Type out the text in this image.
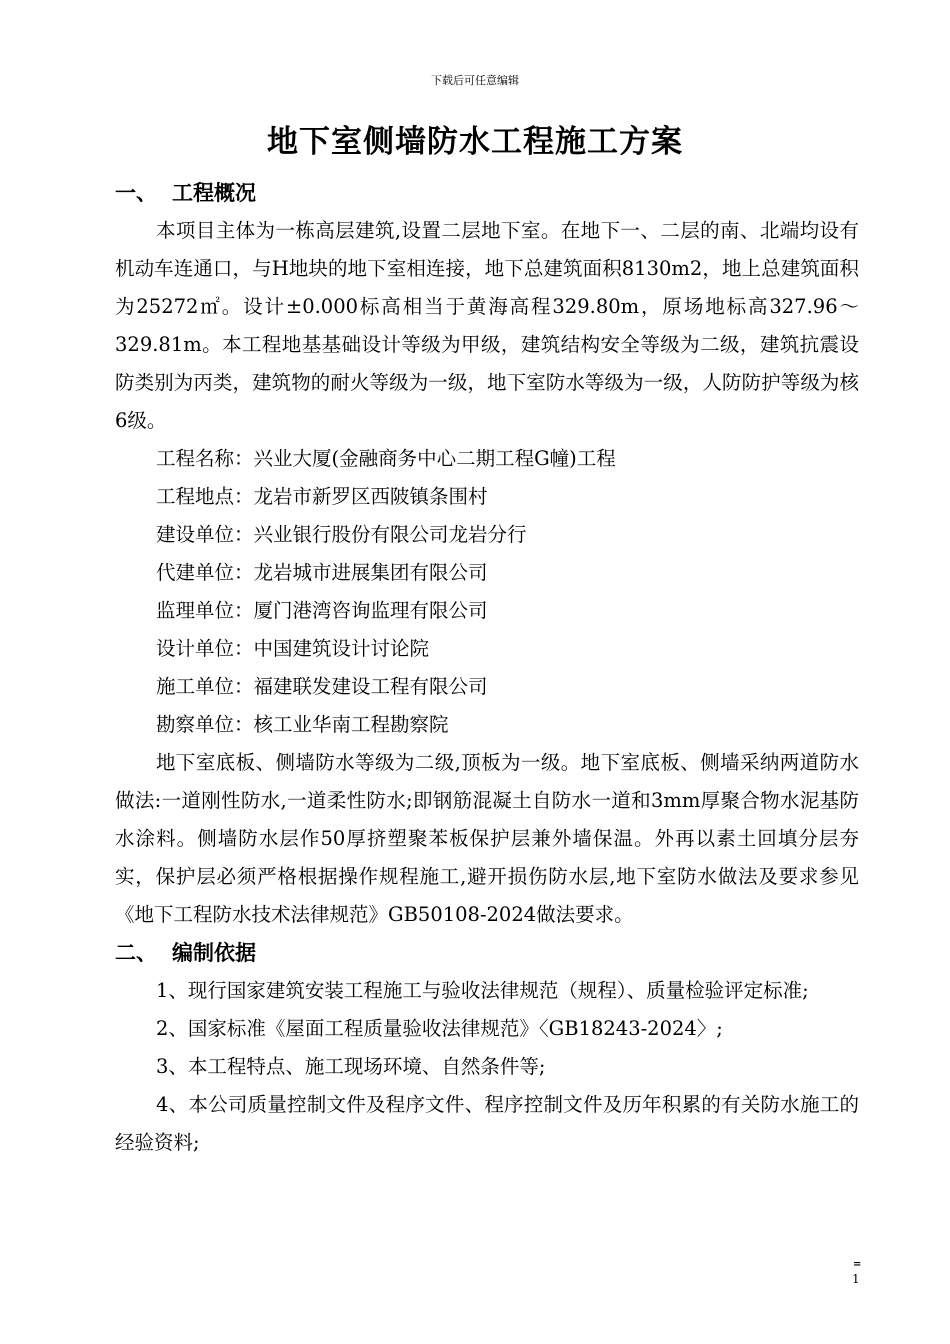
下载后可任意编辑
地下室侧墙防水工程施工方案
一、 工程概况

本项目主体为一栋高层建筑,设置二层地下室。在地下一、二层的南、北端均设有机动车连通口，与H地块的地下室相连接，地下总建筑面积8130m2，地上总建筑面积为25272㎡。设计±0.000标高相当于黄海高程329.80m，原场地标高327.96～329.81m。本工程地基基础设计等级为甲级，建筑结构安全等级为二级，建筑抗震设防类别为丙类，建筑物的耐火等级为一级，地下室防水等级为一级，人防防护等级为核6级。

工程名称：兴业大厦(金融商务中心二期工程G幢)工程

工程地点：龙岩市新罗区西陂镇条围村

建设单位：兴业银行股份有限公司龙岩分行

代建单位：龙岩城市进展集团有限公司

监理单位：厦门港湾咨询监理有限公司

设计单位：中国建筑设计讨论院

施工单位：福建联发建设工程有限公司

勘察单位：核工业华南工程勘察院

地下室底板、侧墙防水等级为二级,顶板为一级。地下室底板、侧墙采纳两道防水做法:一道刚性防水,一道柔性防水;即钢筋混凝土自防水一道和3mm厚聚合物水泥基防水涂料。侧墙防水层作50厚挤塑聚苯板保护层兼外墙保温。外再以素土回填分层夯实，保护层必须严格根据操作规程施工,避开损伤防水层,地下室防水做法及要求参见《地下工程防水技术法律规范》GB50108-2024做法要求。

二、 编制依据

1、现行国家建筑安装工程施工与验收法律规范（规程）、质量检验评定标准;

2、国家标准《屋面工程质量验收法律规范》〈GB18243-2024〉;

3、本工程特点、施工现场环境、自然条件等;

4、本公司质量控制文件及程序文件、程序控制文件及历年积累的有关防水施工的经验资料;

=
1
